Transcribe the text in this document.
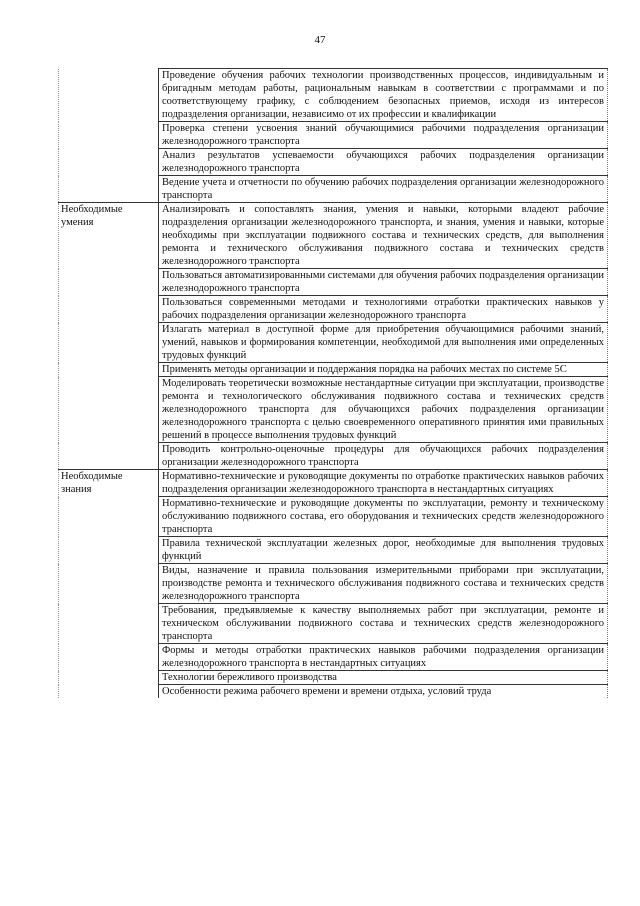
47
	Проведение обучения рабочих технологии производственных процессов, индивидуальным и бригадным методам работы, рациональным навыкам в соответствии с программами и по соответствующему графику, с соблюдением безопасных приемов, исходя из интересов подразделения организации, независимо от их профессии и квалификации
	Проверка степени усвоения знаний обучающимися рабочими подразделения организации железнодорожного транспорта
	Анализ результатов успеваемости обучающихся рабочих подразделения организации железнодорожного транспорта
	Ведение учета и отчетности по обучению рабочих подразделения организации железнодорожного транспорта
Необходимые умения	Анализировать и сопоставлять знания, умения и навыки, которыми владеют рабочие подразделения организации железнодорожного транспорта, и знания, умения и навыки, которые необходимы при эксплуатации подвижного состава и технических средств, для выполнения ремонта и технического обслуживания подвижного состава и технических средств железнодорожного транспорта
	Пользоваться автоматизированными системами для обучения рабочих подразделения организации железнодорожного транспорта
	Пользоваться современными методами и технологиями отработки практических навыков у рабочих подразделения организации железнодорожного транспорта
	Излагать материал в доступной форме для приобретения обучающимися рабочими знаний, умений, навыков и формирования компетенции, необходимой для выполнения ими определенных трудовых функций
	Применять методы организации и поддержания порядка на рабочих местах по системе 5С
	Моделировать теоретически возможные нестандартные ситуации при эксплуатации, производстве ремонта и технологического обслуживания подвижного состава и технических средств железнодорожного транспорта для обучающихся рабочих подразделения организации железнодорожного транспорта с целью своевременного оперативного принятия ими правильных решений в процессе выполнения трудовых функций
	Проводить контрольно-оценочные процедуры для обучающихся рабочих подразделения организации железнодорожного транспорта
Необходимые знания	Нормативно-технические и руководящие документы по отработке практических навыков рабочих подразделения организации железнодорожного транспорта в нестандартных ситуациях
	Нормативно-технические и руководящие документы по эксплуатации, ремонту и техническому обслуживанию подвижного состава, его оборудования и технических средств железнодорожного транспорта
	Правила технической эксплуатации железных дорог, необходимые для выполнения трудовых функций
	Виды, назначение и правила пользования измерительными приборами при эксплуатации, производстве ремонта и технического обслуживания подвижного состава и технических средств железнодорожного транспорта
	Требования, предъявляемые к качеству выполняемых работ при эксплуатации, ремонте и техническом обслуживании подвижного состава и технических средств железнодорожного транспорта
	Формы и методы отработки практических навыков рабочими подразделения организации железнодорожного транспорта в нестандартных ситуациях
	Технологии бережливого производства
	Особенности режима рабочего времени и времени отдыха, условий труда
